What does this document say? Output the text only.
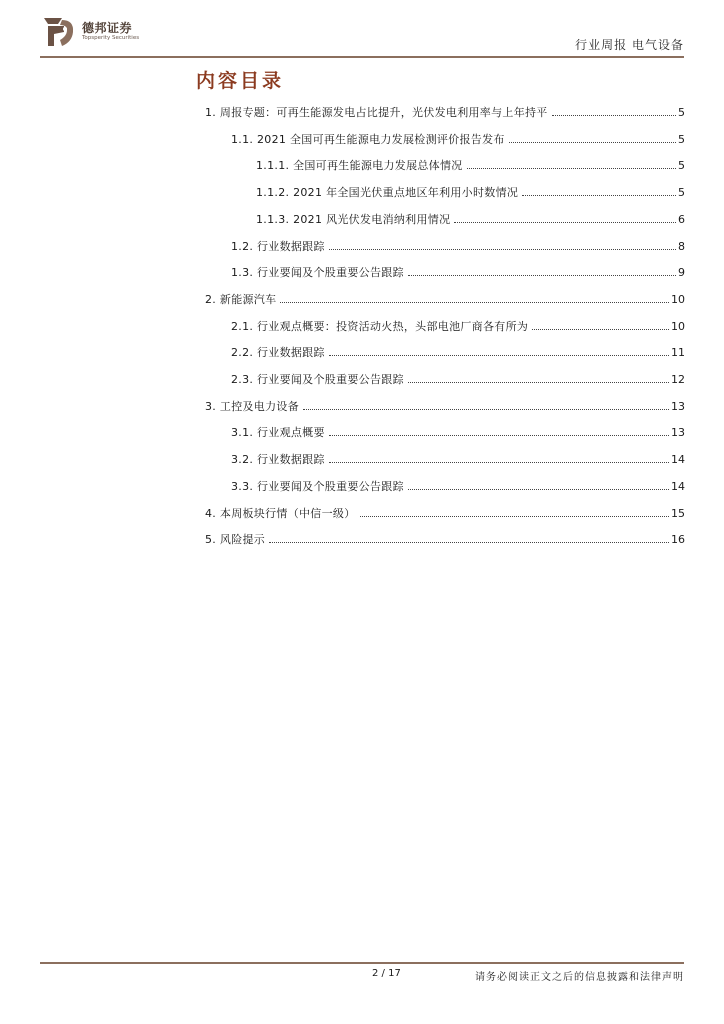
德邦证券
Topsperity Securities	行业周报 电气设备
内容目录
1. 周报专题：可再生能源发电占比提升，光伏发电利用率与上年持平	5
1.1. 2021 全国可再生能源电力发展检测评价报告发布	5
1.1.1. 全国可再生能源电力发展总体情况	5
1.1.2. 2021 年全国光伏重点地区年利用小时数情况	5
1.1.3. 2021 风光伏发电消纳利用情况	6
1.2. 行业数据跟踪	8
1.3. 行业要闻及个股重要公告跟踪	9
2. 新能源汽车	10
2.1. 行业观点概要：投资活动火热，头部电池厂商各有所为	10
2.2. 行业数据跟踪	11
2.3. 行业要闻及个股重要公告跟踪	12
3. 工控及电力设备	13
3.1. 行业观点概要	13
3.2. 行业数据跟踪	14
3.3. 行业要闻及个股重要公告跟踪	14
4. 本周板块行情（中信一级）	15
5. 风险提示	16
2 / 17	请务必阅读正文之后的信息披露和法律声明
